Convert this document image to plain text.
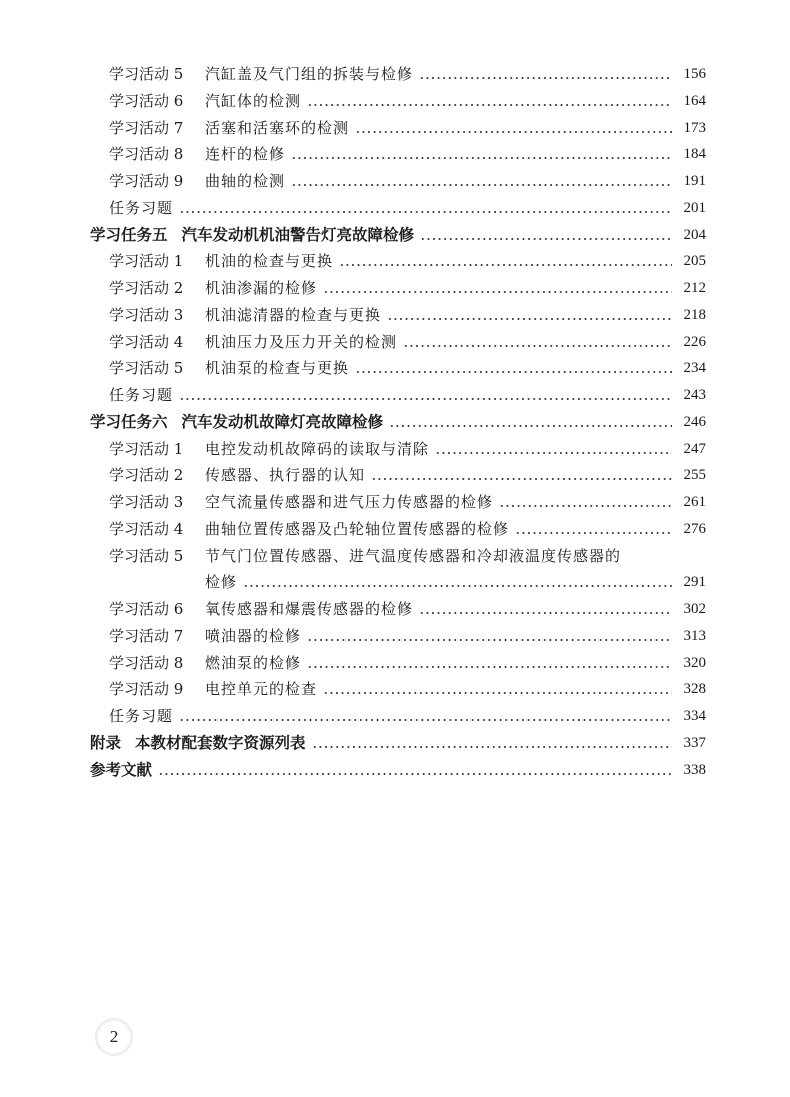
学习活动 5	汽缸盖及气门组的拆装与检修	156
学习活动 6	汽缸体的检测	164
学习活动 7	活塞和活塞环的检测	173
学习活动 8	连杆的检修	184
学习活动 9	曲轴的检测	191
任务习题	201
学习任务五 汽车发动机机油警告灯亮故障检修	204
学习活动 1	机油的检查与更换	205
学习活动 2	机油渗漏的检修	212
学习活动 3	机油滤清器的检查与更换	218
学习活动 4	机油压力及压力开关的检测	226
学习活动 5	机油泵的检查与更换	234
任务习题	243
学习任务六 汽车发动机故障灯亮故障检修	246
学习活动 1	电控发动机故障码的读取与清除	247
学习活动 2	传感器、执行器的认知	255
学习活动 3	空气流量传感器和进气压力传感器的检修	261
学习活动 4	曲轴位置传感器及凸轮轴位置传感器的检修	276
学习活动 5	节气门位置传感器、进气温度传感器和冷却液温度传感器的
检修	291
学习活动 6	氧传感器和爆震传感器的检修	302
学习活动 7	喷油器的检修	313
学习活动 8	燃油泵的检修	320
学习活动 9	电控单元的检查	328
任务习题	334
附录 本教材配套数字资源列表	337
参考文献	338
2
